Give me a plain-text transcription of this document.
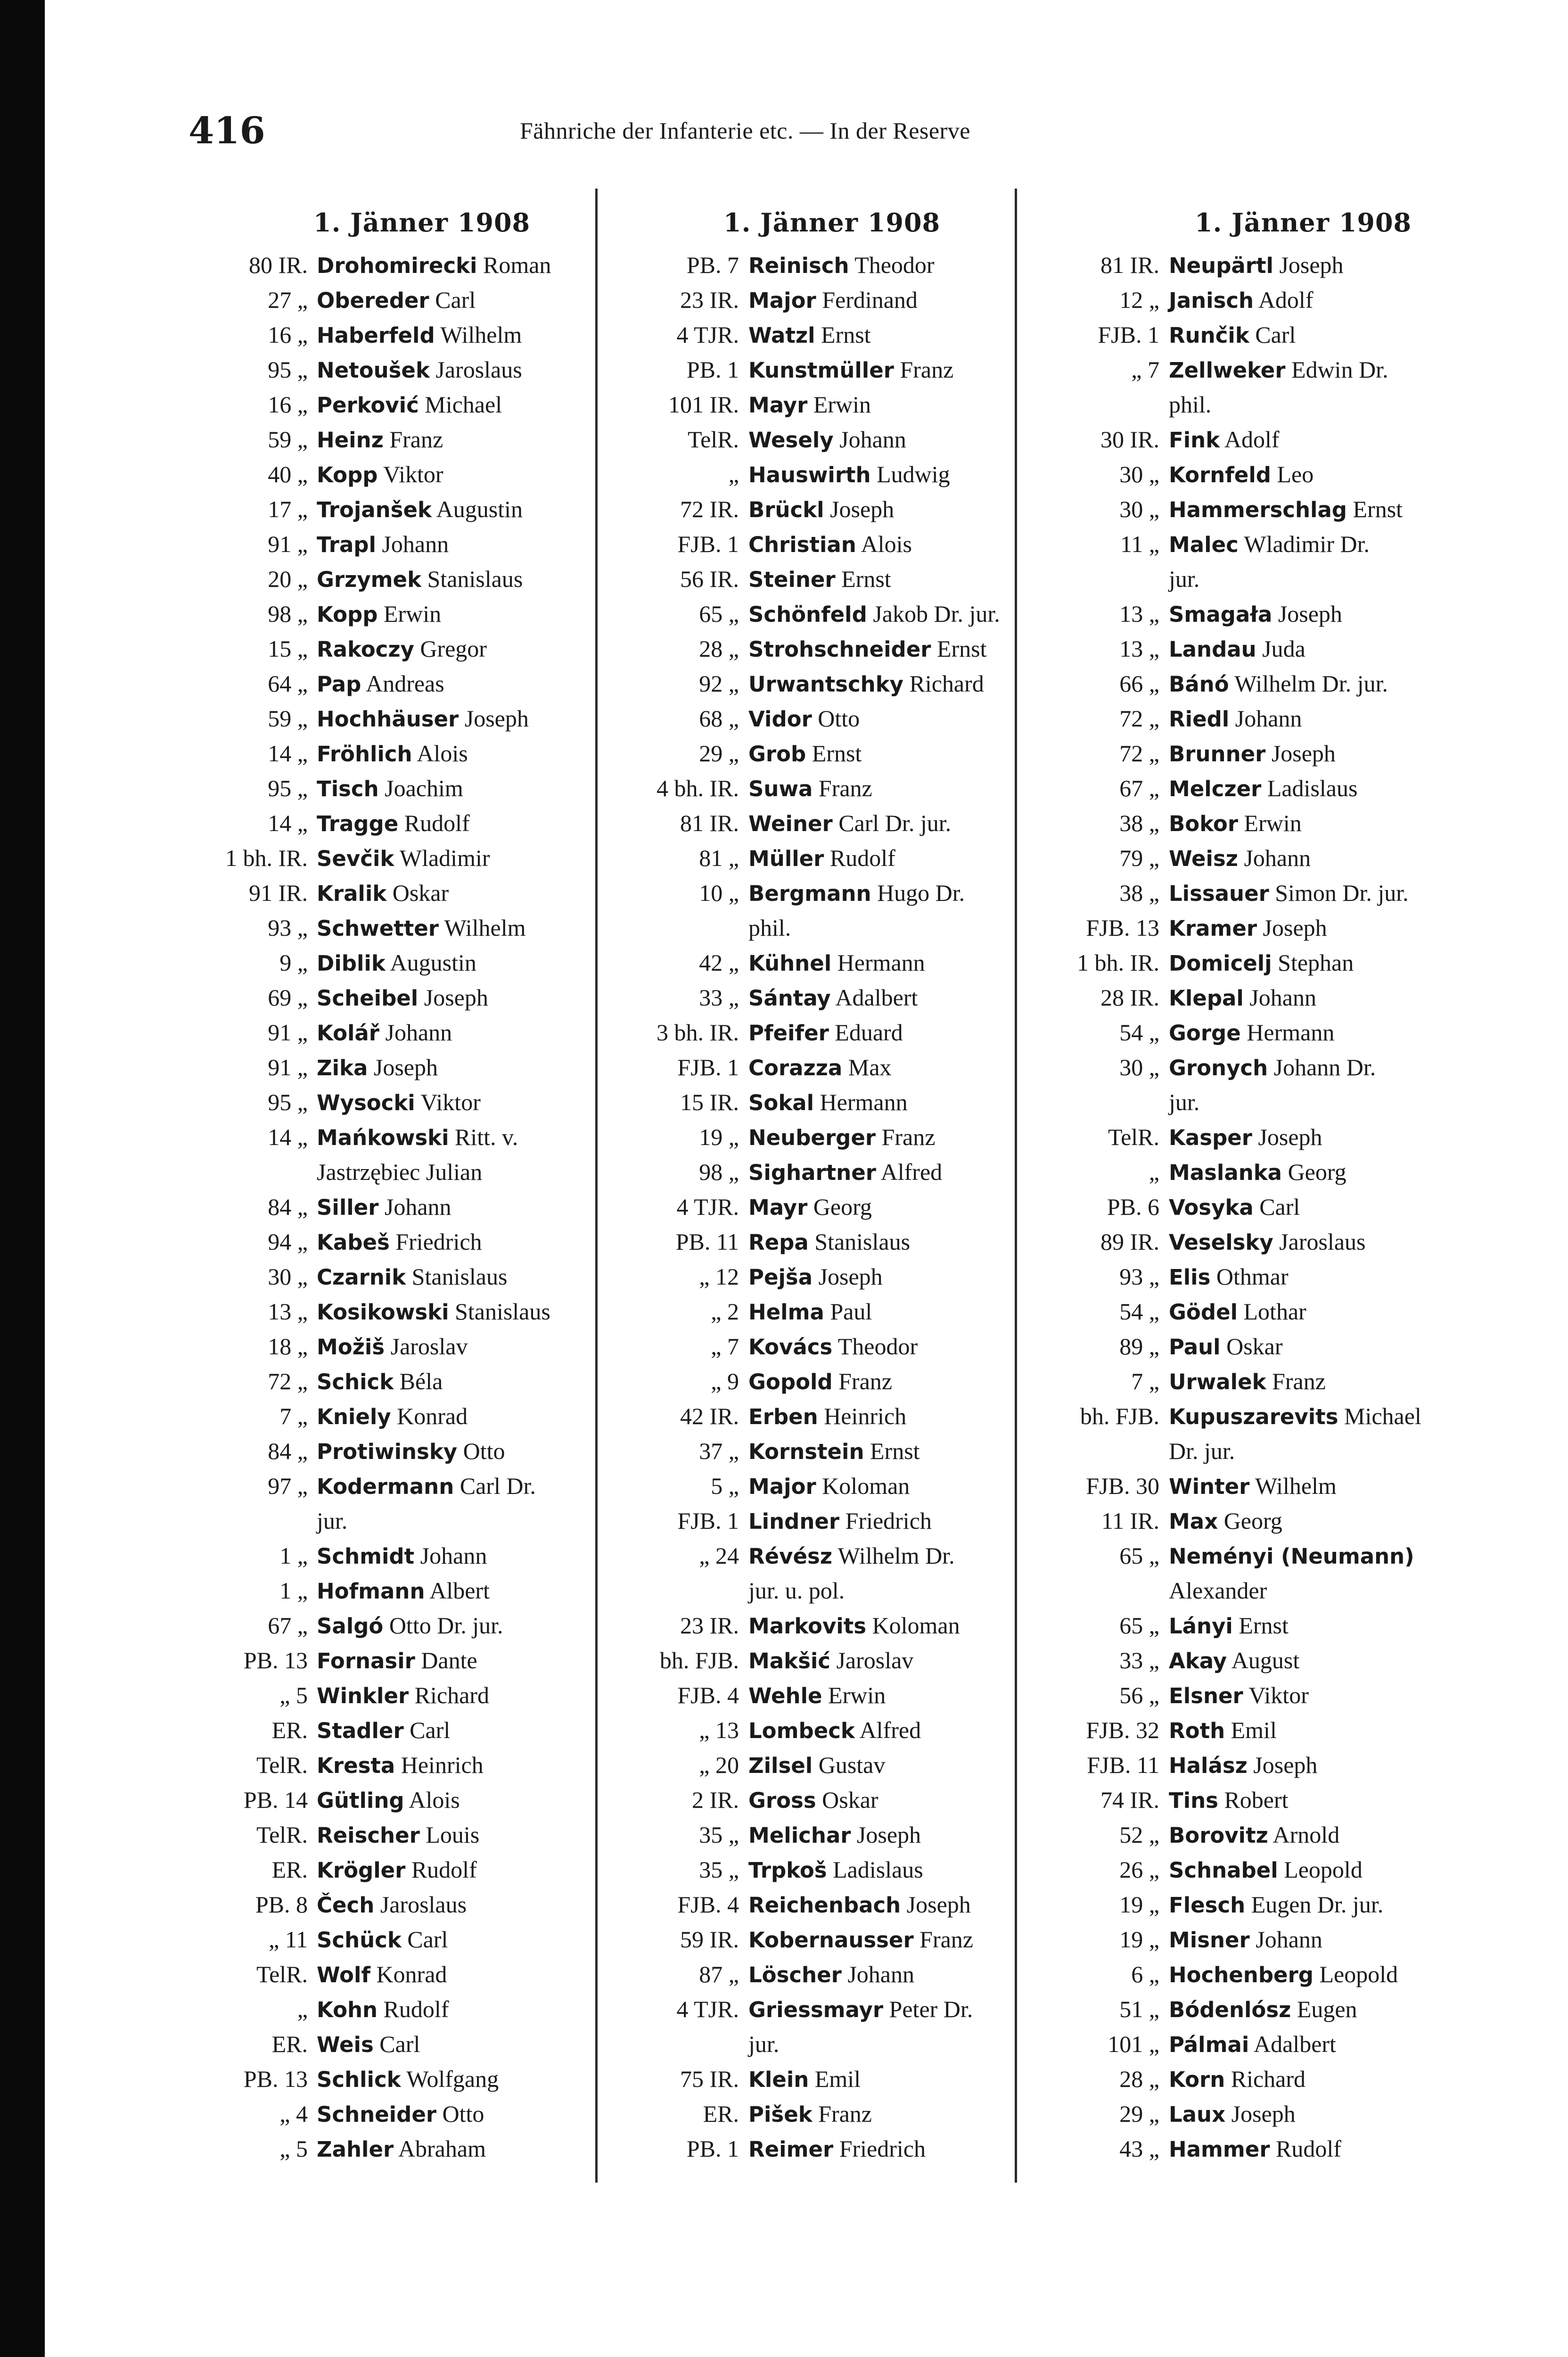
416	Fähnriche der Infanterie etc. — In der Reserve
1. Jänner 1908
80 IR. Drohomirecki Roman
27 „ Obereder Carl
16 „ Haberfeld Wilhelm
95 „ Netoušek Jaroslaus
16 „ Perković Michael
59 „ Heinz Franz
40 „ Kopp Viktor
17 „ Trojanšek Augustin
91 „ Trapl Johann
20 „ Grzymek Stanislaus
98 „ Kopp Erwin
15 „ Rakoczy Gregor
64 „ Pap Andreas
59 „ Hochhäuser Joseph
14 „ Fröhlich Alois
95 „ Tisch Joachim
14 „ Tragge Rudolf
1 bh. IR. Sevčik Wladimir
91 IR. Kralik Oskar
93 „ Schwetter Wilhelm
9 „ Diblik Augustin
69 „ Scheibel Joseph
91 „ Kolář Johann
91 „ Zika Joseph
95 „ Wysocki Viktor
14 „ Mańkowski Ritt. v.
Jastrzębiec Julian
84 „ Siller Johann
94 „ Kabeš Friedrich
30 „ Czarnik Stanislaus
13 „ Kosikowski Stanislaus
18 „ Možiš Jaroslav
72 „ Schick Béla
7 „ Kniely Konrad
84 „ Protiwinsky Otto
97 „ Kodermann Carl Dr.
jur.
1 „ Schmidt Johann
1 „ Hofmann Albert
67 „ Salgó Otto Dr. jur.
PB. 13 Fornasir Dante
„ 5 Winkler Richard
ER. Stadler Carl
TelR. Kresta Heinrich
PB. 14 Gütling Alois
TelR. Reischer Louis
ER. Krögler Rudolf
PB. 8 Čech Jaroslaus
„ 11 Schück Carl
TelR. Wolf Konrad
„ Kohn Rudolf
ER. Weis Carl
PB. 13 Schlick Wolfgang
„ 4 Schneider Otto
„ 5 Zahler Abraham
1. Jänner 1908
PB. 7 Reinisch Theodor
23 IR. Major Ferdinand
4 TJR. Watzl Ernst
PB. 1 Kunstmüller Franz
101 IR. Mayr Erwin
TelR. Wesely Johann
„ Hauswirth Ludwig
72 IR. Brückl Joseph
FJB. 1 Christian Alois
56 IR. Steiner Ernst
65 „ Schönfeld Jakob Dr. jur.
28 „ Strohschneider Ernst
92 „ Urwantschky Richard
68 „ Vidor Otto
29 „ Grob Ernst
4 bh. IR. Suwa Franz
81 IR. Weiner Carl Dr. jur.
81 „ Müller Rudolf
10 „ Bergmann Hugo Dr.
phil.
42 „ Kühnel Hermann
33 „ Sántay Adalbert
3 bh. IR. Pfeifer Eduard
FJB. 1 Corazza Max
15 IR. Sokal Hermann
19 „ Neuberger Franz
98 „ Sighartner Alfred
4 TJR. Mayr Georg
PB. 11 Repa Stanislaus
„ 12 Pejša Joseph
„ 2 Helma Paul
„ 7 Kovács Theodor
„ 9 Gopold Franz
42 IR. Erben Heinrich
37 „ Kornstein Ernst
5 „ Major Koloman
FJB. 1 Lindner Friedrich
„ 24 Révész Wilhelm Dr.
jur. u. pol.
23 IR. Markovits Koloman
bh. FJB. Makšić Jaroslav
FJB. 4 Wehle Erwin
„ 13 Lombeck Alfred
„ 20 Zilsel Gustav
2 IR. Gross Oskar
35 „ Melichar Joseph
35 „ Trpkoš Ladislaus
FJB. 4 Reichenbach Joseph
59 IR. Kobernausser Franz
87 „ Löscher Johann
4 TJR. Griessmayr Peter Dr.
jur.
75 IR. Klein Emil
ER. Pišek Franz
PB. 1 Reimer Friedrich
1. Jänner 1908
81 IR. Neupärtl Joseph
12 „ Janisch Adolf
FJB. 1 Runčik Carl
„ 7 Zellweker Edwin Dr.
phil.
30 IR. Fink Adolf
30 „ Kornfeld Leo
30 „ Hammerschlag Ernst
11 „ Malec Wladimir Dr.
jur.
13 „ Smagała Joseph
13 „ Landau Juda
66 „ Bánó Wilhelm Dr. jur.
72 „ Riedl Johann
72 „ Brunner Joseph
67 „ Melczer Ladislaus
38 „ Bokor Erwin
79 „ Weisz Johann
38 „ Lissauer Simon Dr. jur.
FJB. 13 Kramer Joseph
1 bh. IR. Domicelj Stephan
28 IR. Klepal Johann
54 „ Gorge Hermann
30 „ Gronych Johann Dr.
jur.
TelR. Kasper Joseph
„ Maslanka Georg
PB. 6 Vosyka Carl
89 IR. Veselsky Jaroslaus
93 „ Elis Othmar
54 „ Gödel Lothar
89 „ Paul Oskar
7 „ Urwalek Franz
bh. FJB. Kupuszarevits Michael
Dr. jur.
FJB. 30 Winter Wilhelm
11 IR. Max Georg
65 „ Neményi (Neumann)
Alexander
65 „ Lányi Ernst
33 „ Akay August
56 „ Elsner Viktor
FJB. 32 Roth Emil
FJB. 11 Halász Joseph
74 IR. Tins Robert
52 „ Borovitz Arnold
26 „ Schnabel Leopold
19 „ Flesch Eugen Dr. jur.
19 „ Misner Johann
6 „ Hochenberg Leopold
51 „ Bódenlósz Eugen
101 „ Pálmai Adalbert
28 „ Korn Richard
29 „ Laux Joseph
43 „ Hammer Rudolf
